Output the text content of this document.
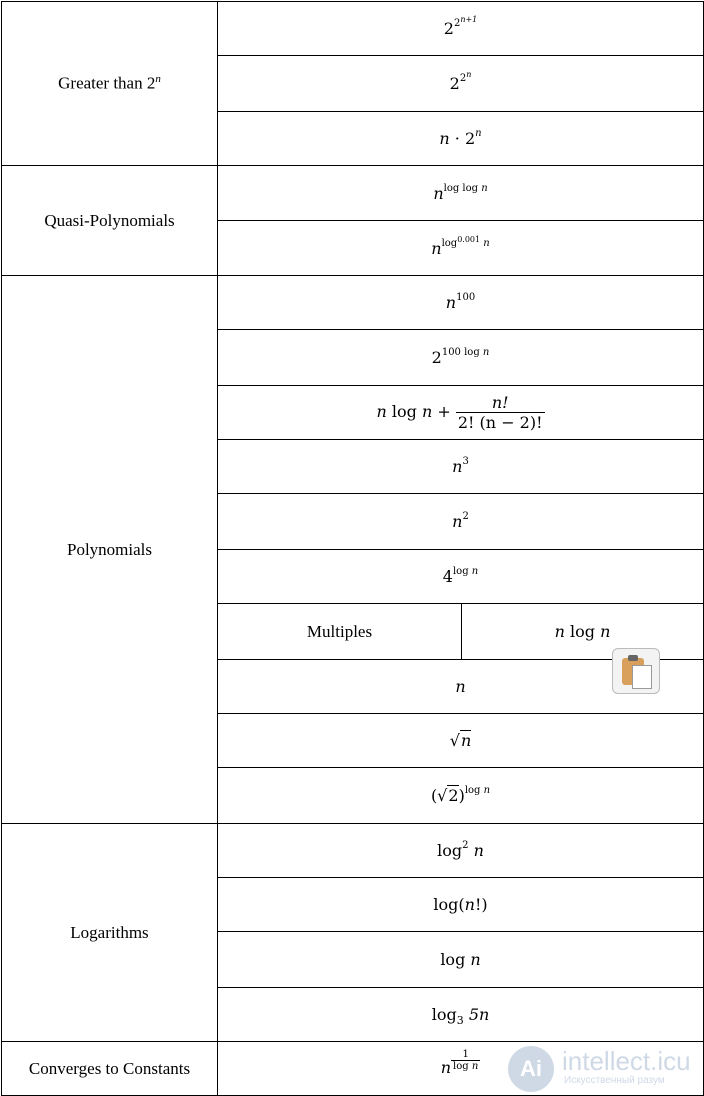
Greater than 2$^n$	$2^{2^{n+1}}$
	$2^{2^n}$
	$n \cdot 2^n$
Quasi-Polynomials	$n^{log log n}$
	$n^{log^{0.001} n}$
Polynomials	$n^{100}$
	$2^{100 log n}$
	n $\log n + \frac{n!}{2! (n - 2)!}$

	$n^3$
	$n^2$
	$4^{log n}$
	Multiples	n log n
	n	
	√n	
	$(√2)^{log n}$
Logarithms	$\log^2 n$	
	log(n!)	
	log n	
	$\log_3 5n$	
Converges to Constants	n $\frac{1}{\text{log n}}$	Ai intellect.icu
Искусственный разум
